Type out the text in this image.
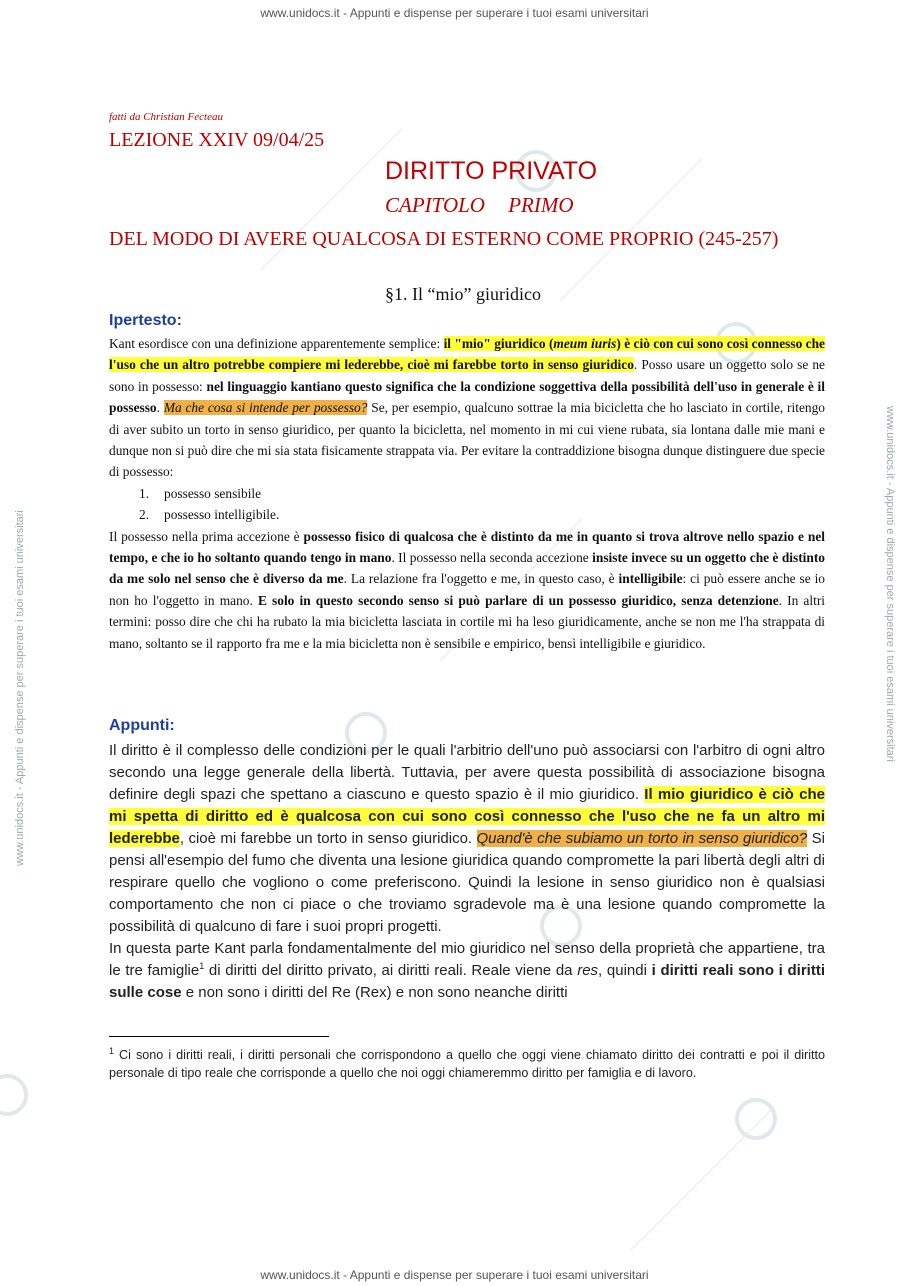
www.unidocs.it - Appunti e dispense per superare i tuoi esami universitari
www.unidocs.it - Appunti e dispense per superare i tuoi esami universitari
www.unidocs.it - Appunti e dispense per superare i tuoi esami universitari	www.unidocs.it - Appunti e dispense per superare i tuoi esami universitari
fatti da Christian Fecteau
LEZIONE XXIV 09/04/25
DIRITTO PRIVATO
CAPITOLO PRIMO
DEL MODO DI AVERE QUALCOSA DI ESTERNO COME PROPRIO (245-257)
§1. Il “mio” giuridico
Ipertesto:
Kant esordisce con una definizione apparentemente semplice: il "mio" giuridico (meum iuris) è ciò con cui sono così connesso che l'uso che un altro potrebbe compiere mi lederebbe, cioè mi farebbe torto in senso giuridico. Posso usare un oggetto solo se ne sono in possesso: nel linguaggio kantiano questo significa che la condizione soggettiva della possibilità dell'uso in generale è il possesso. Ma che cosa si intende per possesso? Se, per esempio, qualcuno sottrae la mia bicicletta che ho lasciato in cortile, ritengo di aver subito un torto in senso giuridico, per quanto la bicicletta, nel momento in mi cui viene rubata, sia lontana dalle mie mani e dunque non si può dire che mi sia stata fisicamente strappata via. Per evitare la contraddizione bisogna dunque distinguere due specie di possesso:
1. possesso sensibile
2. possesso intelligibile.
Il possesso nella prima accezione è possesso fisico di qualcosa che è distinto da me in quanto si trova altrove nello spazio e nel tempo, e che io ho soltanto quando tengo in mano. Il possesso nella seconda accezione insiste invece su un oggetto che è distinto da me solo nel senso che è diverso da me. La relazione fra l'oggetto e me, in questo caso, è intelligibile: ci può essere anche se io non ho l'oggetto in mano. E solo in questo secondo senso si può parlare di un possesso giuridico, senza detenzione. In altri termini: posso dire che chi ha rubato la mia bicicletta lasciata in cortile mi ha leso giuridicamente, anche se non me l'ha strappata di mano, soltanto se il rapporto fra me e la mia bicicletta non è sensibile e empirico, bensì intelligibile e giuridico.
Appunti:
Il diritto è il complesso delle condizioni per le quali l'arbitrio dell'uno può associarsi con l'arbitro di ogni altro secondo una legge generale della libertà. Tuttavia, per avere questa possibilità di associazione bisogna definire degli spazi che spettano a ciascuno e questo spazio è il mio giuridico. Il mio giuridico è ciò che mi spetta di diritto ed è qualcosa con cui sono così connesso che l'uso che ne fa un altro mi lederebbe, cioè mi farebbe un torto in senso giuridico. Quand'è che subiamo un torto in senso giuridico? Si pensi all'esempio del fumo che diventa una lesione giuridica quando compromette la pari libertà degli altri di respirare quello che vogliono o come preferiscono. Quindi la lesione in senso giuridico non è qualsiasi comportamento che non ci piace o che troviamo sgradevole ma è una lesione quando compromette la possibilità di qualcuno di fare i suoi propri progetti.
In questa parte Kant parla fondamentalmente del mio giuridico nel senso della proprietà che appartiene, tra le tre famiglie$^1$ di diritti del diritto privato, ai diritti reali. Reale viene da res, quindi i diritti reali sono i diritti sulle cose e non sono i diritti del Re (Rex) e non sono neanche diritti
$^1$ Ci sono i diritti reali, i diritti personali che corrispondono a quello che oggi viene chiamato diritto dei contratti e poi il diritto personale di tipo reale che corrisponde a quello che noi oggi chiameremmo diritto per famiglia e di lavoro.
